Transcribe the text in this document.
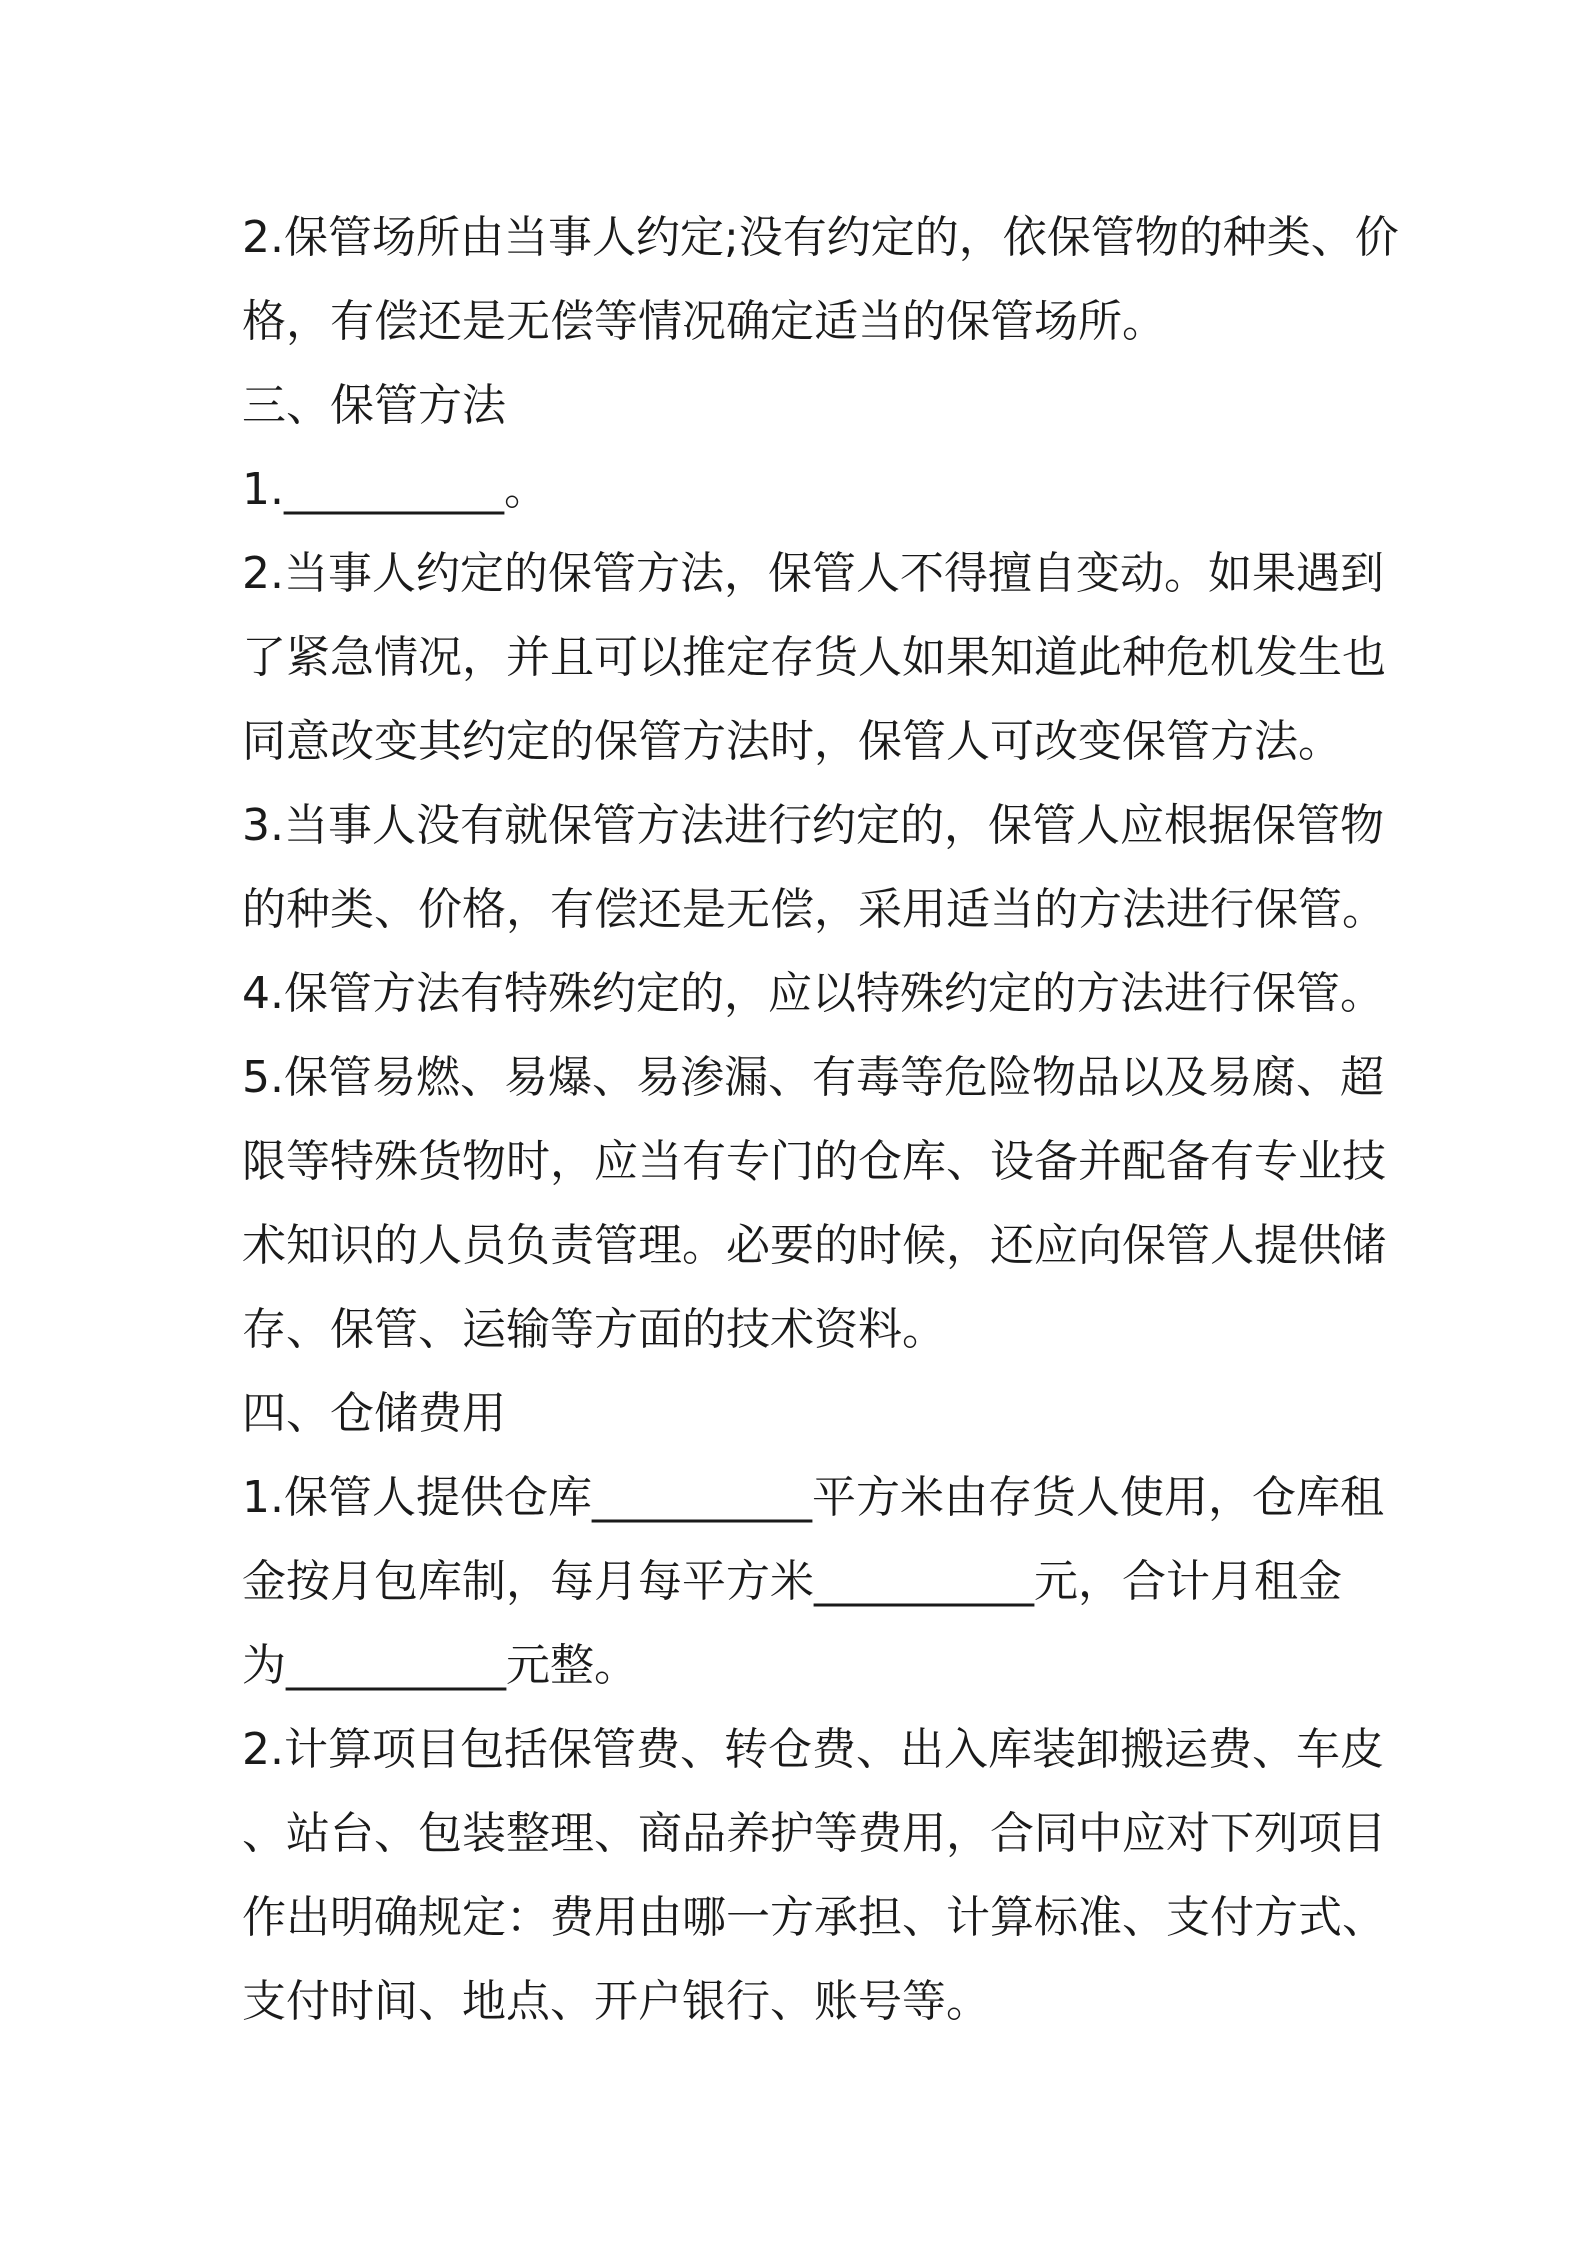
2.保管场所由当事人约定;没有约定的，依保管物的种类、价
格，有偿还是无偿等情况确定适当的保管场所。
三、保管方法
1.__________。
2.当事人约定的保管方法，保管人不得擅自变动。如果遇到
了紧急情况，并且可以推定存货人如果知道此种危机发生也
同意改变其约定的保管方法时，保管人可改变保管方法。
3.当事人没有就保管方法进行约定的，保管人应根据保管物
的种类、价格，有偿还是无偿，采用适当的方法进行保管。
4.保管方法有特殊约定的，应以特殊约定的方法进行保管。
5.保管易燃、易爆、易渗漏、有毒等危险物品以及易腐、超
限等特殊货物时，应当有专门的仓库、设备并配备有专业技
术知识的人员负责管理。必要的时候，还应向保管人提供储
存、保管、运输等方面的技术资料。
四、仓储费用
1.保管人提供仓库__________平方米由存货人使用，仓库租
金按月包库制，每月每平方米__________元，合计月租金
为__________元整。
2.计算项目包括保管费、转仓费、出入库装卸搬运费、车皮
、站台、包装整理、商品养护等费用，合同中应对下列项目
作出明确规定：费用由哪一方承担、计算标准、支付方式、
支付时间、地点、开户银行、账号等。
